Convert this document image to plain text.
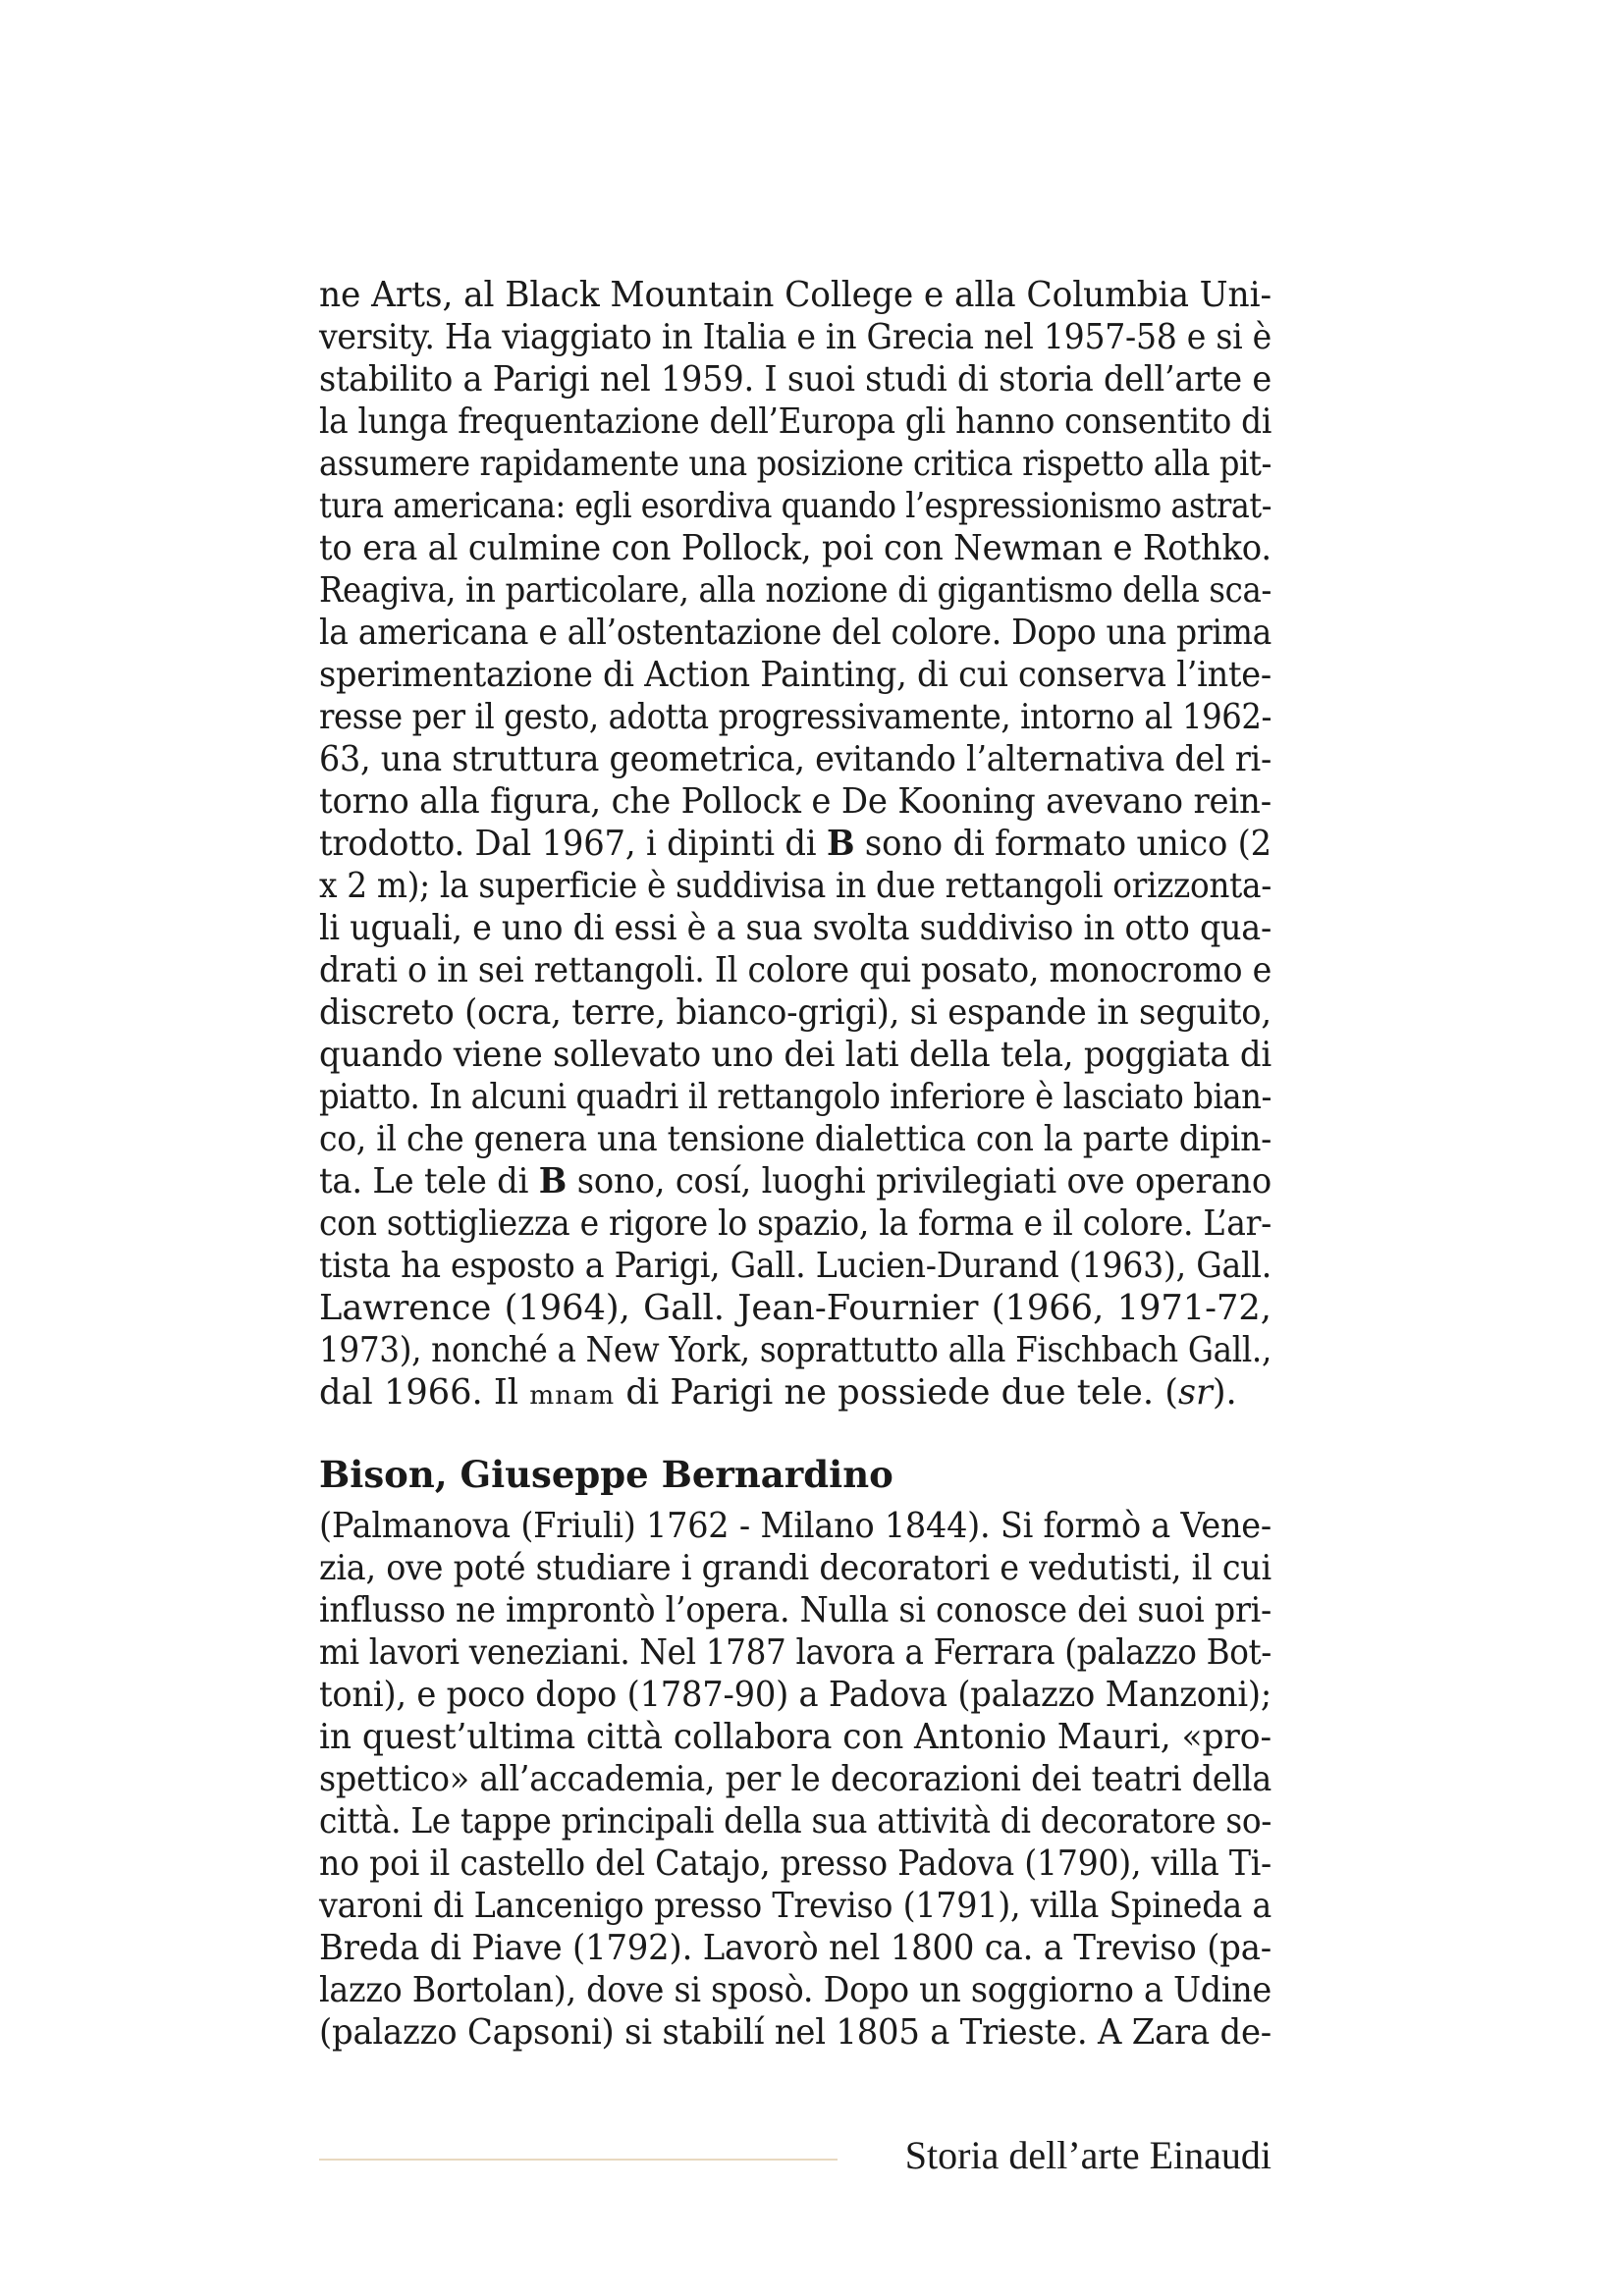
ne Arts, al Black Mountain College e alla Columbia Uni-
versity. Ha viaggiato in Italia e in Grecia nel 1957-58 e si è
stabilito a Parigi nel 1959. I suoi studi di storia dell’arte e
la lunga frequentazione dell’Europa gli hanno consentito di
assumere rapidamente una posizione critica rispetto alla pit-
tura americana: egli esordiva quando l’espressionismo astrat-
to era al culmine con Pollock, poi con Newman e Rothko.
Reagiva, in particolare, alla nozione di gigantismo della sca-
la americana e all’ostentazione del colore. Dopo una prima
sperimentazione di Action Painting, di cui conserva l’inte-
resse per il gesto, adotta progressivamente, intorno al 1962-
63, una struttura geometrica, evitando l’alternativa del ri-
torno alla figura, che Pollock e De Kooning avevano rein-
trodotto. Dal 1967, i dipinti di B sono di formato unico (2
x 2 m); la superficie è suddivisa in due rettangoli orizzonta-
li uguali, e uno di essi è a sua svolta suddiviso in otto qua-
drati o in sei rettangoli. Il colore qui posato, monocromo e
discreto (ocra, terre, bianco-grigi), si espande in seguito,
quando viene sollevato uno dei lati della tela, poggiata di
piatto. In alcuni quadri il rettangolo inferiore è lasciato bian-
co, il che genera una tensione dialettica con la parte dipin-
ta. Le tele di B sono, cosí, luoghi privilegiati ove operano
con sottigliezza e rigore lo spazio, la forma e il colore. L’ar-
tista ha esposto a Parigi, Gall. Lucien-Durand (1963), Gall.
Lawrence (1964), Gall. Jean-Fournier (1966, 1971-72,
1973), nonché a New York, soprattutto alla Fischbach Gall.,
dal 1966. Il mnam di Parigi ne possiede due tele. (sr).

Bison, Giuseppe Bernardino

(Palmanova (Friuli) 1762 - Milano 1844). Si formò a Vene-
zia, ove poté studiare i grandi decoratori e vedutisti, il cui
influsso ne improntò l’opera. Nulla si conosce dei suoi pri-
mi lavori veneziani. Nel 1787 lavora a Ferrara (palazzo Bot-
toni), e poco dopo (1787-90) a Padova (palazzo Manzoni);
in quest’ultima città collabora con Antonio Mauri, «pro-
spettico» all’accademia, per le decorazioni dei teatri della
città. Le tappe principali della sua attività di decoratore so-
no poi il castello del Catajo, presso Padova (1790), villa Ti-
varoni di Lancenigo presso Treviso (1791), villa Spineda a
Breda di Piave (1792). Lavorò nel 1800 ca. a Treviso (pa-
lazzo Bortolan), dove si sposò. Dopo un soggiorno a Udine
(palazzo Capsoni) si stabilí nel 1805 a Trieste. A Zara de-

Storia dell’arte Einaudi
